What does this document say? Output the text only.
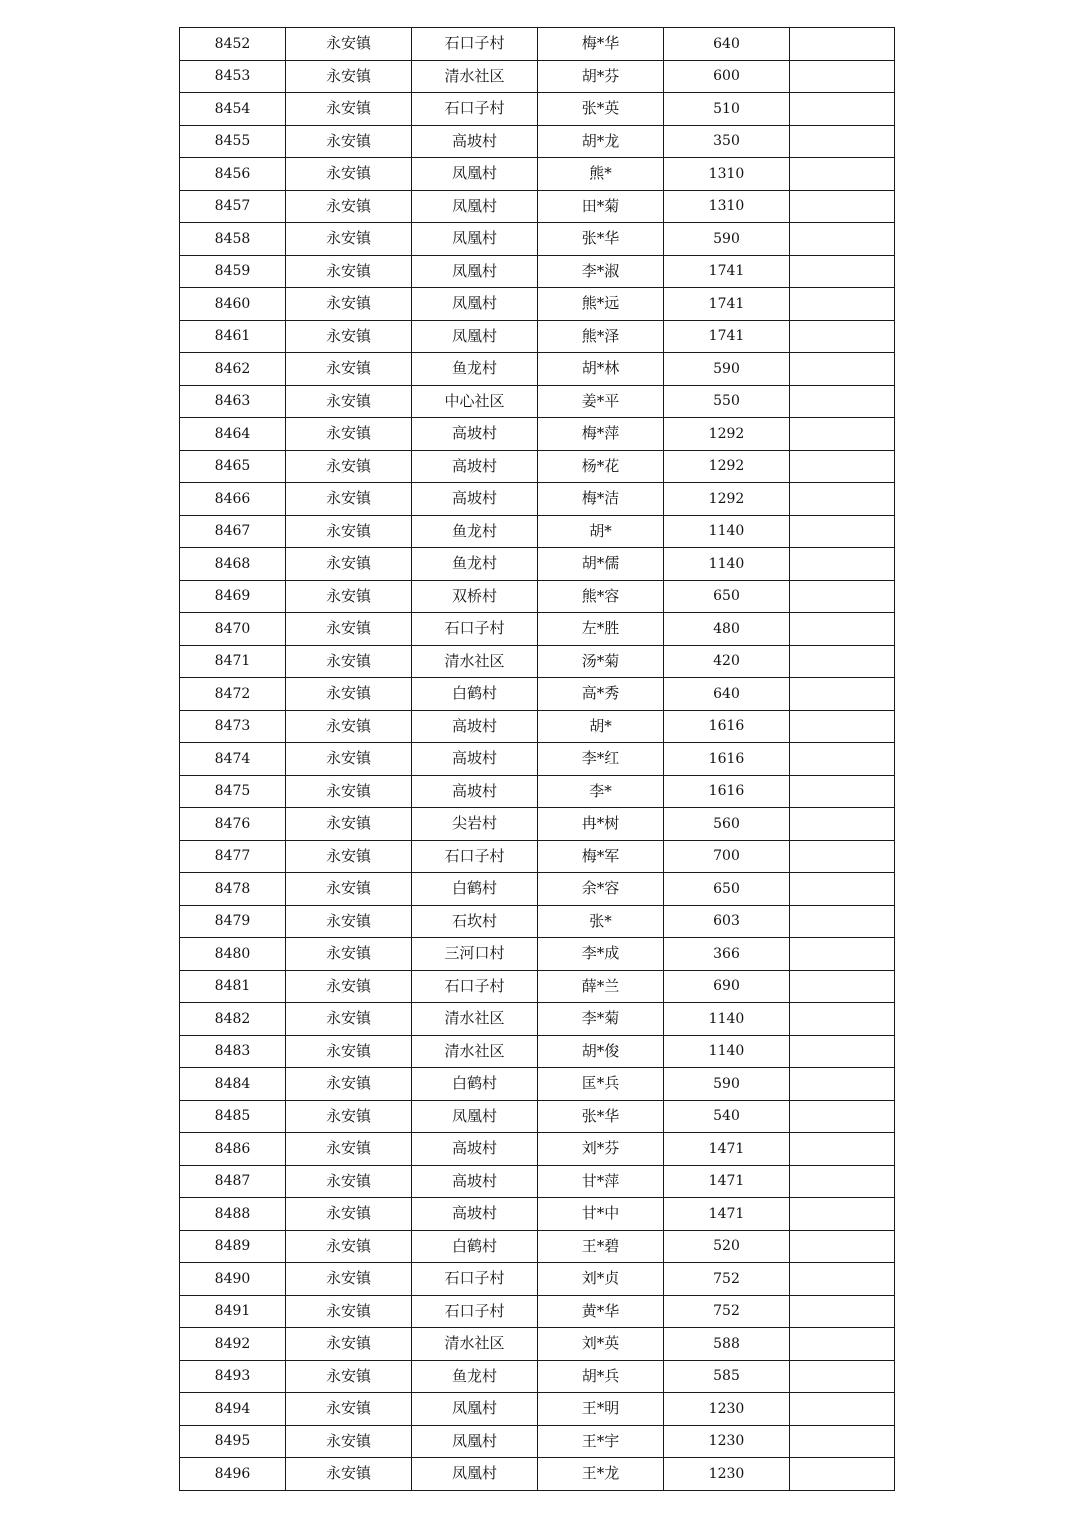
8452	永安镇	石口子村	梅*华	640	
8453	永安镇	清水社区	胡*芬	600	
8454	永安镇	石口子村	张*英	510	
8455	永安镇	高坡村	胡*龙	350	
8456	永安镇	凤凰村	熊*	1310	
8457	永安镇	凤凰村	田*菊	1310	
8458	永安镇	凤凰村	张*华	590	
8459	永安镇	凤凰村	李*淑	1741	
8460	永安镇	凤凰村	熊*远	1741	
8461	永安镇	凤凰村	熊*泽	1741	
8462	永安镇	鱼龙村	胡*林	590	
8463	永安镇	中心社区	姜*平	550	
8464	永安镇	高坡村	梅*萍	1292	
8465	永安镇	高坡村	杨*花	1292	
8466	永安镇	高坡村	梅*洁	1292	
8467	永安镇	鱼龙村	胡*	1140	
8468	永安镇	鱼龙村	胡*儒	1140	
8469	永安镇	双桥村	熊*容	650	
8470	永安镇	石口子村	左*胜	480	
8471	永安镇	清水社区	汤*菊	420	
8472	永安镇	白鹤村	高*秀	640	
8473	永安镇	高坡村	胡*	1616	
8474	永安镇	高坡村	李*红	1616	
8475	永安镇	高坡村	李*	1616	
8476	永安镇	尖岩村	冉*树	560	
8477	永安镇	石口子村	梅*军	700	
8478	永安镇	白鹤村	余*容	650	
8479	永安镇	石坎村	张*	603	
8480	永安镇	三河口村	李*成	366	
8481	永安镇	石口子村	薛*兰	690	
8482	永安镇	清水社区	李*菊	1140	
8483	永安镇	清水社区	胡*俊	1140	
8484	永安镇	白鹤村	匡*兵	590	
8485	永安镇	凤凰村	张*华	540	
8486	永安镇	高坡村	刘*芬	1471	
8487	永安镇	高坡村	甘*萍	1471	
8488	永安镇	高坡村	甘*中	1471	
8489	永安镇	白鹤村	王*碧	520	
8490	永安镇	石口子村	刘*贞	752	
8491	永安镇	石口子村	黄*华	752	
8492	永安镇	清水社区	刘*英	588	
8493	永安镇	鱼龙村	胡*兵	585	
8494	永安镇	凤凰村	王*明	1230	
8495	永安镇	凤凰村	王*宇	1230	
8496	永安镇	凤凰村	王*龙	1230	
